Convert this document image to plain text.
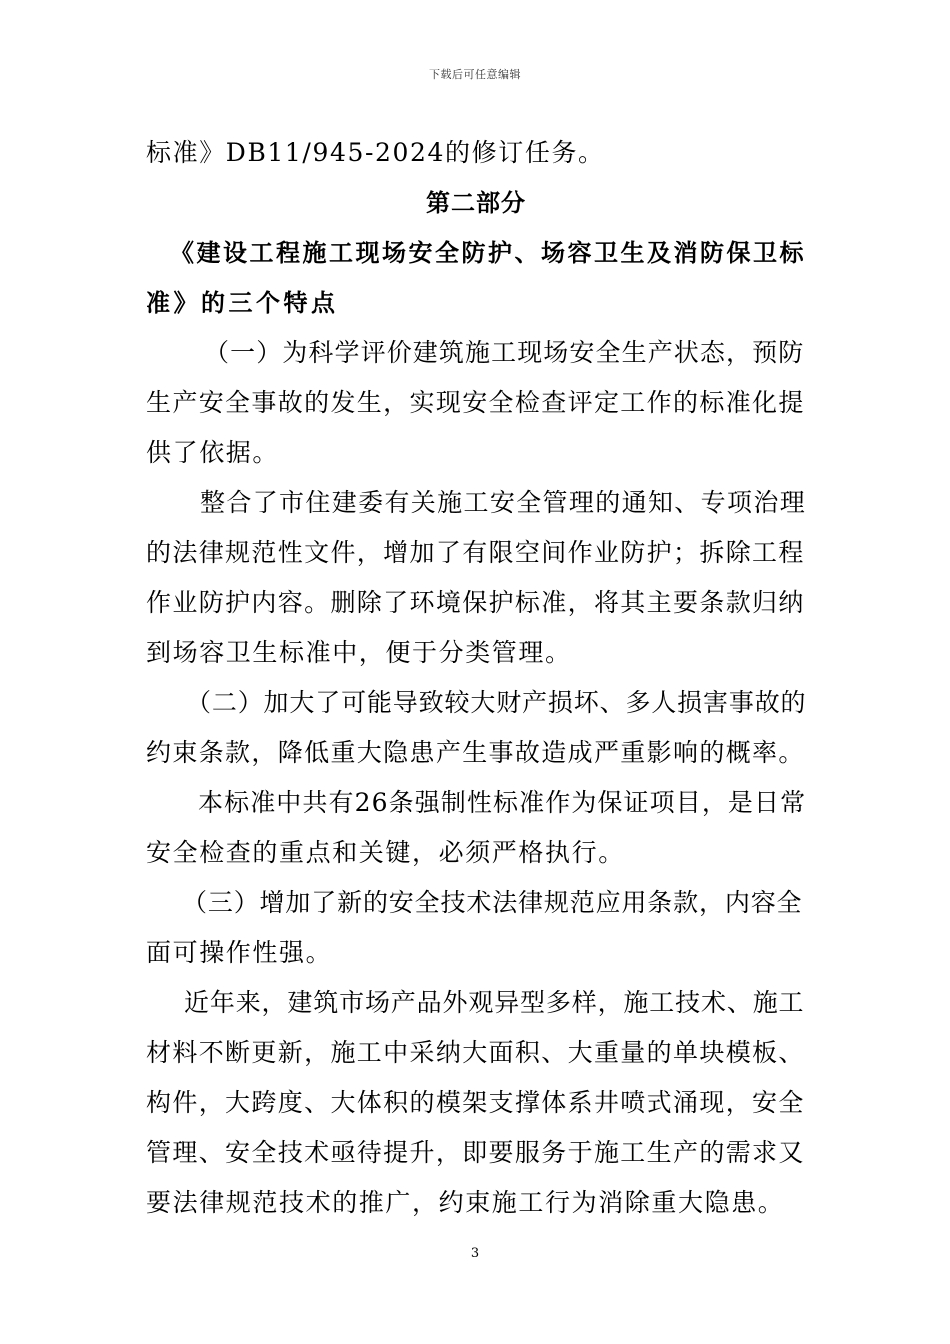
下载后可任意编辑
标准》DB11/945-2024的修订任务。
第二部分
《建设工程施工现场安全防护、场容卫生及消防保卫标
准》的三个特点
（一）为科学评价建筑施工现场安全生产状态，预防
生产安全事故的发生，实现安全检查评定工作的标准化提
供了依据。
整合了市住建委有关施工安全管理的通知、专项治理
的法律规范性文件，增加了有限空间作业防护；拆除工程
作业防护内容。删除了环境保护标准，将其主要条款归纳
到场容卫生标准中，便于分类管理。
（二）加大了可能导致较大财产损坏、多人损害事故的
约束条款，降低重大隐患产生事故造成严重影响的概率。
本标准中共有26条强制性标准作为保证项目，是日常
安全检查的重点和关键，必须严格执行。
（三）增加了新的安全技术法律规范应用条款，内容全
面可操作性强。
近年来，建筑市场产品外观异型多样，施工技术、施工
材料不断更新，施工中采纳大面积、大重量的单块模板、
构件，大跨度、大体积的模架支撑体系井喷式涌现，安全
管理、安全技术亟待提升，即要服务于施工生产的需求又
要法律规范技术的推广，约束施工行为消除重大隐患。
3
